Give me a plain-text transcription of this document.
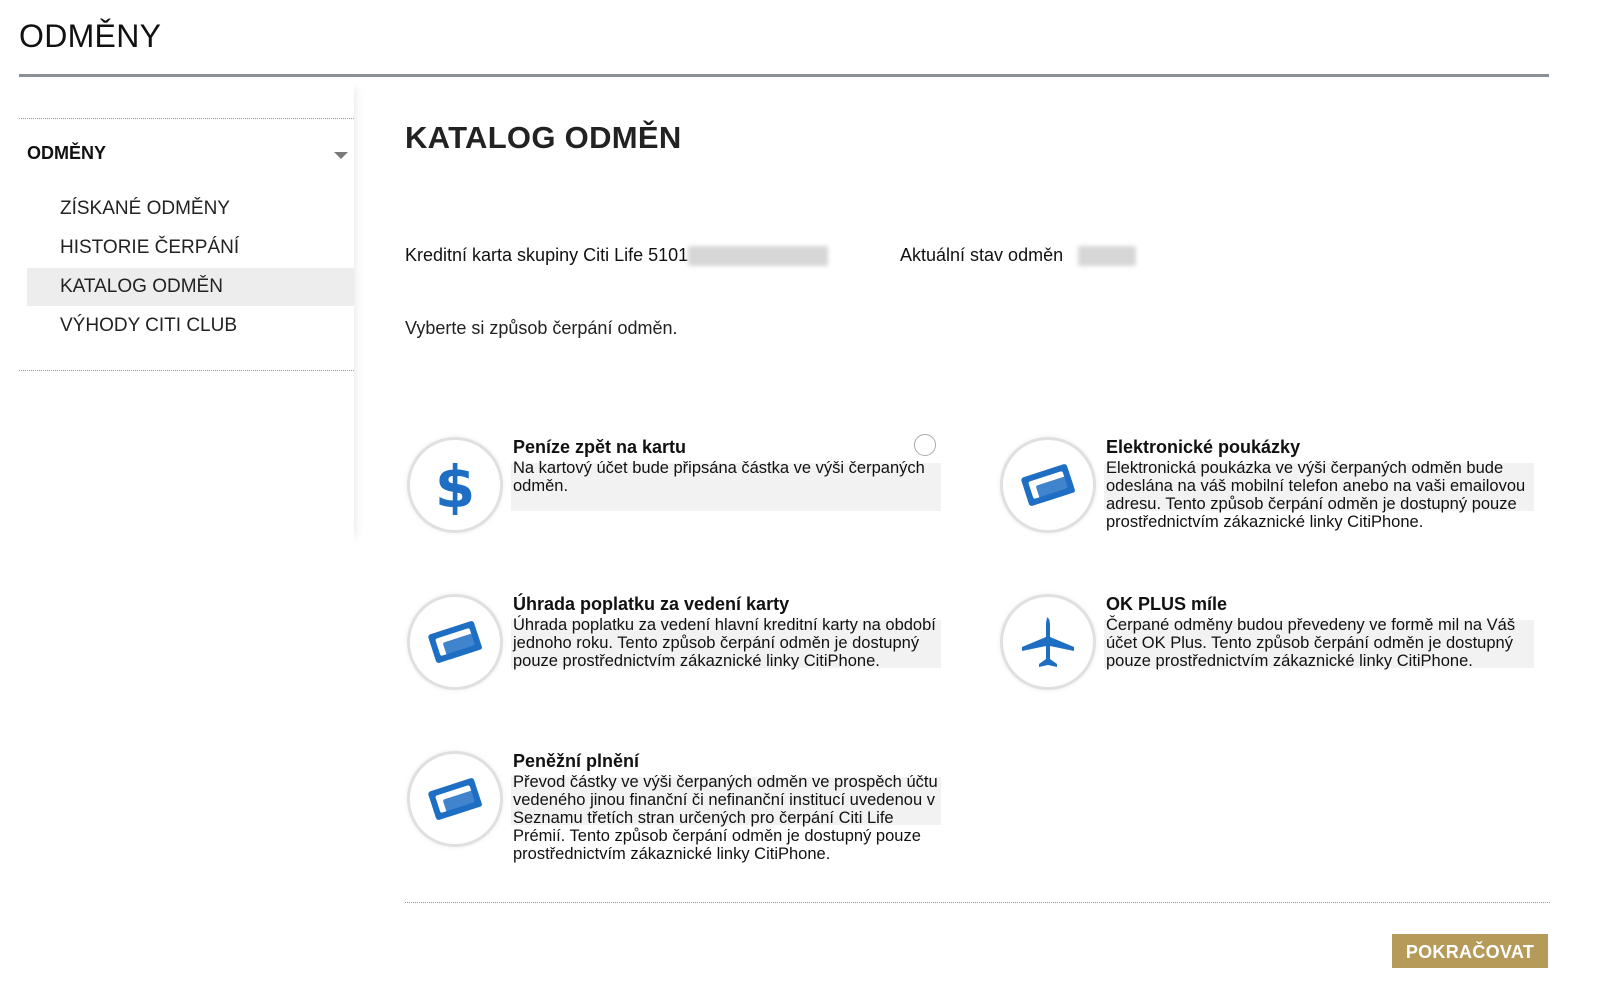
ODMĚNY
ODMĚNY
ZÍSKANÉ ODMĚNY
HISTORIE ČERPÁNÍ
KATALOG ODMĚN
VÝHODY CITI CLUB
KATALOG ODMĚN
Kreditní karta skupiny Citi Life 5101	Aktuální stav odměn
Vyberte si způsob čerpání odměn.
$
Peníze zpět na kartu
Na kartový účet bude připsána částka ve výši čerpaných odměn.
Elektronické poukázky
Elektronická poukázka ve výši čerpaných odměn bude odeslána na váš mobilní telefon anebo na vaši emailovou adresu. Tento způsob čerpání odměn je dostupný pouze prostřednictvím zákaznické linky CitiPhone.
Úhrada poplatku za vedení karty
Úhrada poplatku za vedení hlavní kreditní karty na období jednoho roku. Tento způsob čerpání odměn je dostupný pouze prostřednictvím zákaznické linky CitiPhone.
OK PLUS míle
Čerpané odměny budou převedeny ve formě mil na Váš účet OK Plus. Tento způsob čerpání odměn je dostupný pouze prostřednictvím zákaznické linky CitiPhone.
Peněžní plnění
Převod částky ve výši čerpaných odměn ve prospěch účtu vedeného jinou finanční či nefinanční institucí uvedenou v Seznamu třetích stran určených pro čerpání Citi Life Prémií. Tento způsob čerpání odměn je dostupný pouze prostřednictvím zákaznické linky CitiPhone.
POKRAČOVAT
